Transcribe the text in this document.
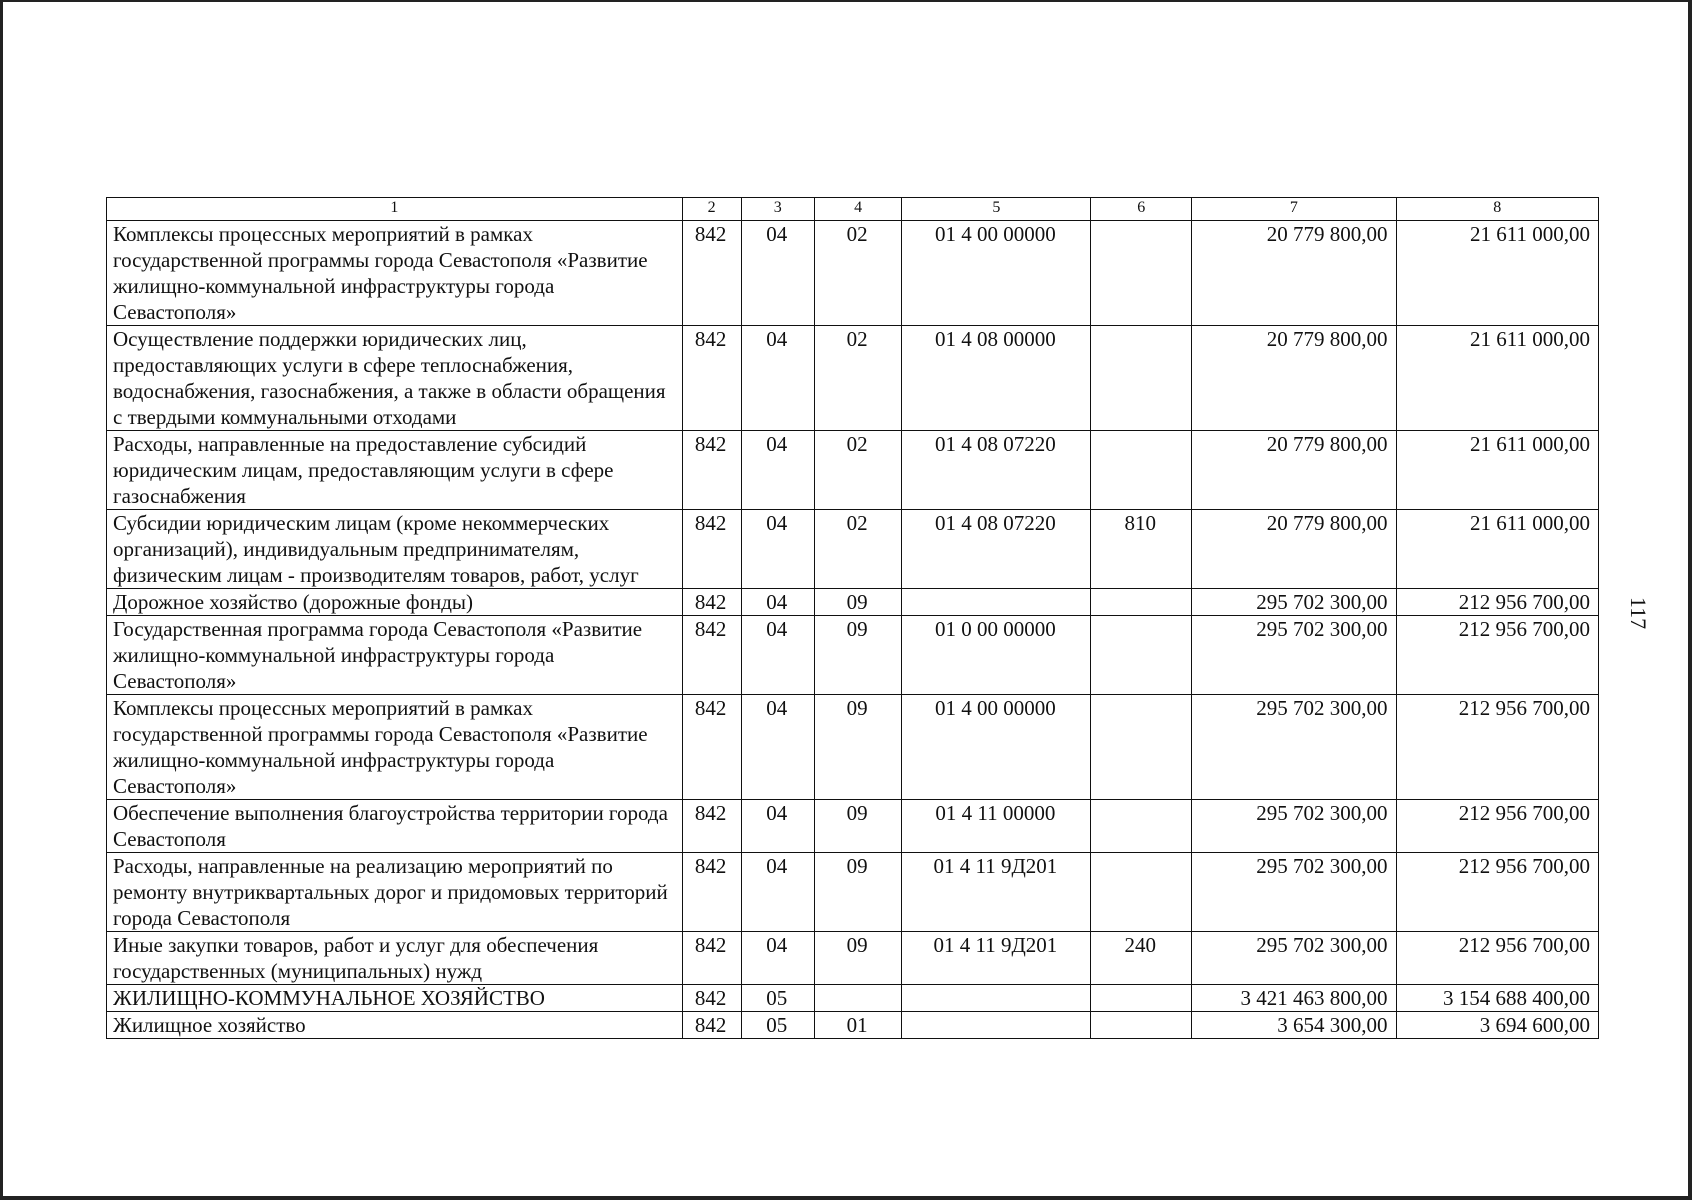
117
1	2	3	4	5	6	7	8
Комплексы процессных мероприятий в рамках государственной программы города Севастополя «Развитие жилищно-коммунальной инфраструктуры города Севастополя»	842	04	02	01 4 00 00000		20 779 800,00	21 611 000,00
Осуществление поддержки юридических лиц, предоставляющих услуги в сфере теплоснабжения, водоснабжения, газоснабжения, а также в области обращения с твердыми коммунальными отходами	842	04	02	01 4 08 00000		20 779 800,00	21 611 000,00
Расходы, направленные на предоставление субсидий юридическим лицам, предоставляющим услуги в сфере газоснабжения	842	04	02	01 4 08 07220		20 779 800,00	21 611 000,00
Субсидии юридическим лицам (кроме некоммерческих организаций), индивидуальным предпринимателям, физическим лицам - производителям товаров, работ, услуг	842	04	02	01 4 08 07220	810	20 779 800,00	21 611 000,00
Дорожное хозяйство (дорожные фонды)	842	04	09			295 702 300,00	212 956 700,00
Государственная программа города Севастополя «Развитие жилищно-коммунальной инфраструктуры города Севастополя»	842	04	09	01 0 00 00000		295 702 300,00	212 956 700,00
Комплексы процессных мероприятий в рамках государственной программы города Севастополя «Развитие жилищно-коммунальной инфраструктуры города Севастополя»	842	04	09	01 4 00 00000		295 702 300,00	212 956 700,00
Обеспечение выполнения благоустройства территории города Севастополя	842	04	09	01 4 11 00000		295 702 300,00	212 956 700,00
Расходы, направленные на реализацию мероприятий по ремонту внутриквартальных дорог и придомовых территорий города Севастополя	842	04	09	01 4 11 9Д201		295 702 300,00	212 956 700,00
Иные закупки товаров, работ и услуг для обеспечения государственных (муниципальных) нужд	842	04	09	01 4 11 9Д201	240	295 702 300,00	212 956 700,00
ЖИЛИЩНО-КОММУНАЛЬНОЕ ХОЗЯЙСТВО	842	05				3 421 463 800,00	3 154 688 400,00
Жилищное хозяйство	842	05	01			3 654 300,00	3 694 600,00
